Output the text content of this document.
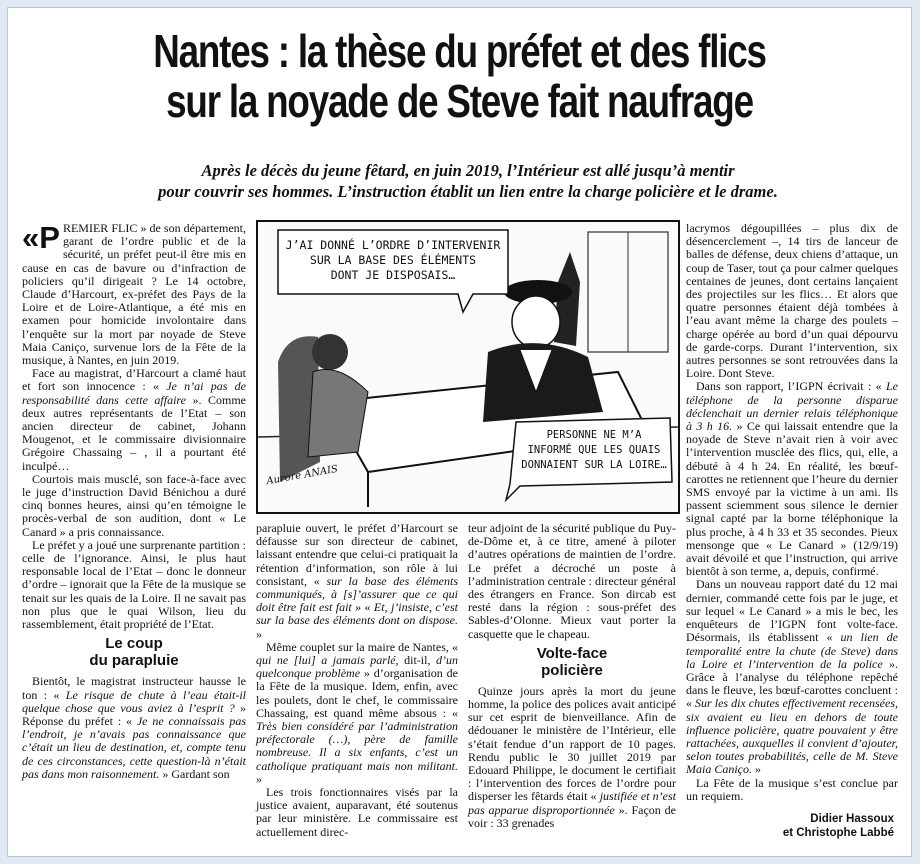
Nantes : la thèse du préfet et des flics
sur la noyade de Steve fait naufrage
Après le décès du jeune fêtard, en juin 2019, l’Intérieur est allé jusqu’à mentir
pour couvrir ses hommes. L’instruction établit un lien entre la charge policière et le drame.

«P REMIER FLIC » de son département, garant de l’ordre public et de la sécurité, un préfet peut-il être mis en cause en cas de bavure ou d’infraction de policiers qu’il dirigeait ? Le 14 octobre, Claude d’Harcourt, ex-préfet des Pays de la Loire et de Loire-Atlantique, a été mis en examen pour homicide involontaire dans l’enquête sur la mort par noyade de Steve Maia Caniço, survenue lors de la Fête de la musique, à Nantes, en juin 2019.

Face au magistrat, d’Harcourt a clamé haut et fort son innocence : « Je n’ai pas de responsabilité dans cette affaire ». Comme deux autres représentants de l’Etat – son ancien directeur de cabinet, Johann Mougenot, et le commissaire divisionnaire Grégoire Chassaing – , il a pourtant été inculpé…

Courtois mais musclé, son face-à-face avec le juge d’instruction David Bénichou a duré cinq bonnes heures, ainsi qu’en témoigne le procès-verbal de son audition, dont « Le Canard » a pris connaissance.

Le préfet y a joué une surprenante partition : celle de l’ignorance. Ainsi, le plus haut responsable local de l’Etat – donc le donneur d’ordre – ignorait que la Fête de la musique se tenait sur les quais de la Loire. Il ne savait pas non plus que le quai Wilson, lieu du rassemblement, était propriété de l’Etat.

Le coup
du parapluie

Bientôt, le magistrat instructeur hausse le ton : « Le risque de chute à l’eau était-il quelque chose que vous aviez à l’esprit ? » Réponse du préfet : « Je ne connaissais pas l’endroit, je n’avais pas connaissance que c’était un lieu de destination, et, compte tenu de ces circonstances, cette question-là n’était pas dans mon raisonnement. » Gardant son

J’AI DONNÉ L’ORDRE D’INTERVENIR
SUR LA BASE DES ÉLÉMENTS
DONT JE DISPOSAIS…
PERSONNE NE M’A
INFORMÉ QUE LES QUAIS
DONNAIENT SUR LA LOIRE…
Aurore ANAIS

parapluie ouvert, le préfet d’Harcourt se défausse sur son directeur de cabinet, laissant entendre que celui-ci pratiquait la rétention d’information, son rôle à lui consistant, « sur la base des éléments communiqués, à [s]’assurer que ce qui doit être fait est fait » « Et, j’insiste, c’est sur la base des éléments dont on dispose. »

Même couplet sur la maire de Nantes, « qui ne [lui] a jamais parlé, dit-il, d’un quelconque problème » d’organisation de la Fête de la musique. Idem, enfin, avec les poulets, dont le chef, le commissaire Chassaing, est quand même absous : « Très bien considéré par l’administration préfectorale (…), père de famille nombreuse. Il a six enfants, c’est un catholique pratiquant mais non militant. »

Les trois fonctionnaires visés par la justice avaient, auparavant, été soutenus par leur ministère. Le commissaire est actuellement direc-

teur adjoint de la sécurité publique du Puy-de-Dôme et, à ce titre, amené à piloter d’autres opérations de maintien de l’ordre. Le préfet a décroché un poste à l’administration centrale : directeur général des étrangers en France. Son dircab est resté dans la région : sous-préfet des Sables-d’Olonne. Mieux vaut porter la casquette que le chapeau.

Volte-face
policière

Quinze jours après la mort du jeune homme, la police des polices avait anticipé sur cet esprit de bienveillance. Afin de dédouaner le ministère de l’Intérieur, elle s’était fendue d’un rapport de 10 pages. Rendu public le 30 juillet 2019 par Edouard Philippe, le document le certifiait : l’intervention des forces de l’ordre pour disperser les fêtards était « justifiée et n’est pas apparue disproportionnée ». Façon de voir : 33 grenades

lacrymos dégoupillées – plus dix de désencerclement –, 14 tirs de lanceur de balles de défense, deux chiens d’attaque, un coup de Taser, tout ça pour calmer quelques centaines de jeunes, dont certains lançaient des projectiles sur les flics… Et alors que quatre personnes étaient déjà tombées à l’eau avant même la charge des poulets – charge opérée au bord d’un quai dépourvu de garde-corps. Durant l’intervention, six autres personnes se sont retrouvées dans la Loire. Dont Steve.

Dans son rapport, l’IGPN écrivait : « Le téléphone de la personne disparue déclenchait un dernier relais téléphonique à 3 h 16. » Ce qui laissait entendre que la noyade de Steve n’avait rien à voir avec l’intervention musclée des flics, qui, elle, a débuté à 4 h 24. En réalité, les bœuf-carottes ne retiennent que l’heure du dernier SMS envoyé par la victime à un ami. Ils passent sciemment sous silence le dernier signal capté par la borne téléphonique la plus proche, à 4 h 33 et 35 secondes. Pieux mensonge que « Le Canard » (12/9/19) avait dévoilé et que l’instruction, qui arrive bientôt à son terme, a, depuis, confirmé.

Dans un nouveau rapport daté du 12 mai dernier, commandé cette fois par le juge, et sur lequel « Le Canard » a mis le bec, les enquêteurs de l’IGPN font volte-face. Désormais, ils établissent « un lien de temporalité entre la chute (de Steve) dans la Loire et l’intervention de la police ». Grâce à l’analyse du téléphone repêché dans le fleuve, les bœuf-carottes concluent : « Sur les dix chutes effectivement recensées, six avaient eu lieu en dehors de toute influence policière, quatre pouvaient y être rattachées, auxquelles il convient d’ajouter, selon toutes probabilités, celle de M. Steve Maia Caniço. »

La Fête de la musique s’est conclue par un requiem.

Didier Hassoux
et Christophe Labbé
